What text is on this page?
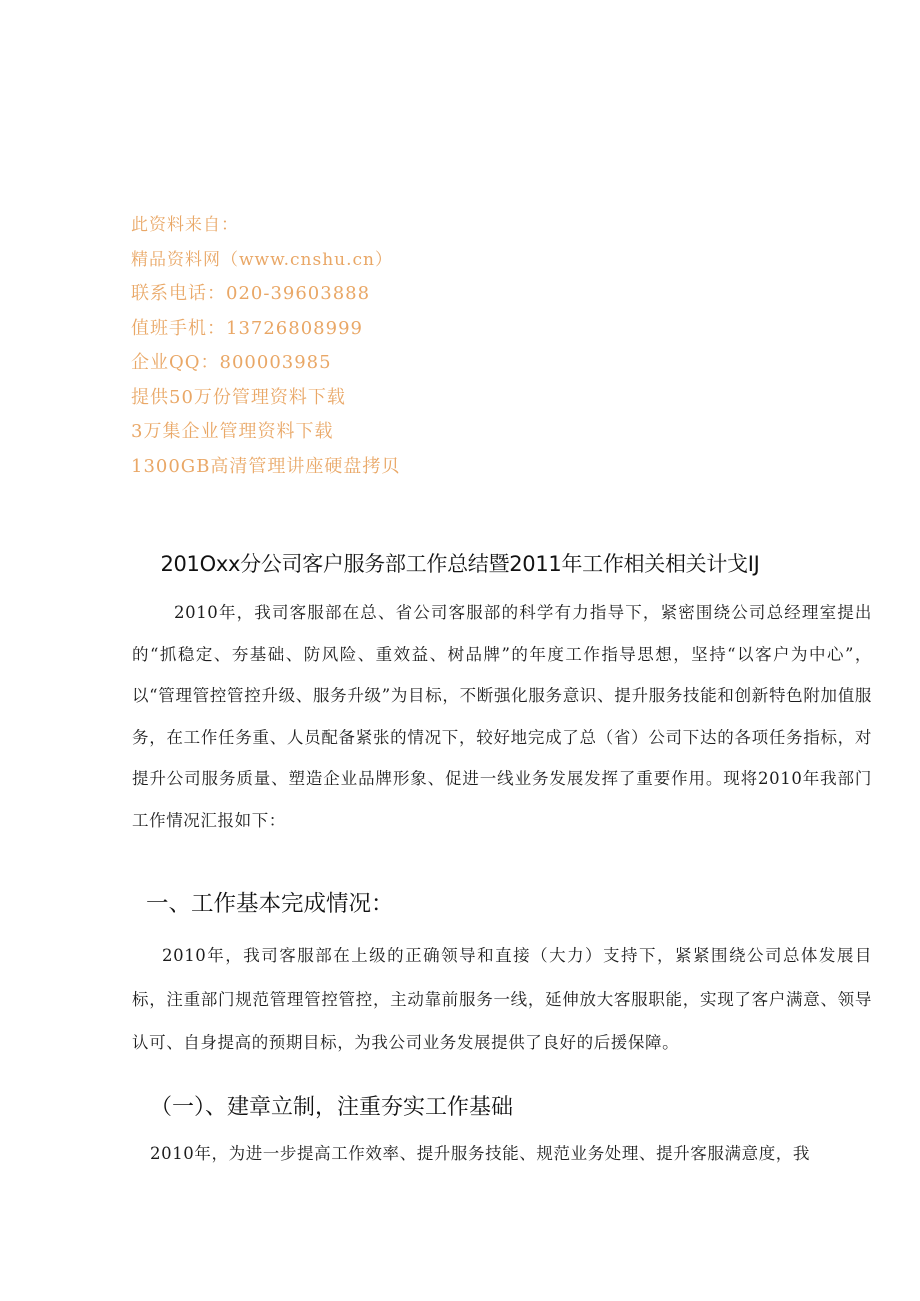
此资料来自：
精品资料网（www.cnshu.cn）
联系电话：020-39603888
值班手机：13726808999
企业QQ：800003985
提供50万份管理资料下载
3万集企业管理资料下载
1300GB高清管理讲座硬盘拷贝
201Oxx分公司客户服务部工作总结暨2011年工作相关相关计戈IJ

2010年，我司客服部在总、省公司客服部的科学有力指导下，紧密围绕公司总经理室提出的“抓稳定、夯基础、防风险、重效益、树品牌”的年度工作指导思想，坚持“以客户为中心”，以“管理管控管控升级、服务升级”为目标，不断强化服务意识、提升服务技能和创新特色附加值服务，在工作任务重、人员配备紧张的情况下，较好地完成了总（省）公司下达的各项任务指标，对提升公司服务质量、塑造企业品牌形象、促进一线业务发展发挥了重要作用。现将2010年我部门工作情况汇报如下：

一、工作基本完成情况：

2010年，我司客服部在上级的正确领导和直接（大力）支持下，紧紧围绕公司总体发展目标，注重部门规范管理管控管控，主动靠前服务一线，延伸放大客服职能，实现了客户满意、领导认可、自身提高的预期目标，为我公司业务发展提供了良好的后援保障。

（一）、建章立制，注重夯实工作基础

2010年，为进一步提高工作效率、提升服务技能、规范业务处理、提升客服满意度，我
